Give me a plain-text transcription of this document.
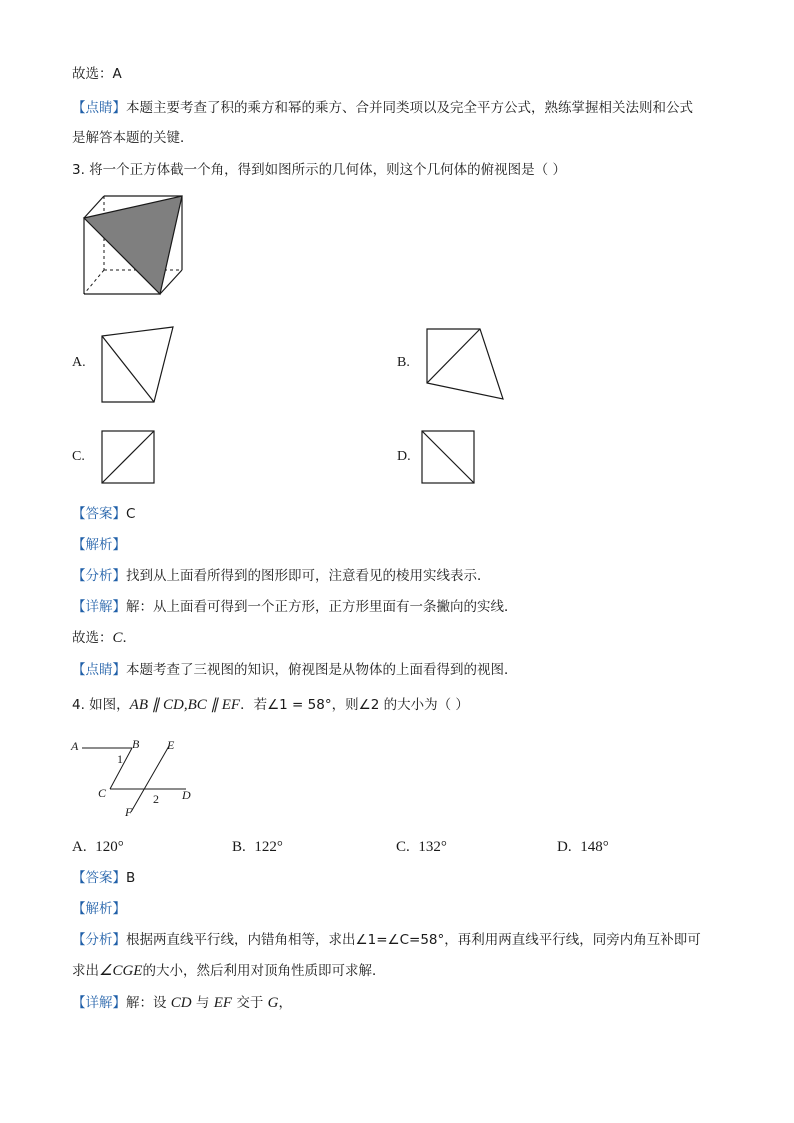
故选：A
【点睛】本题主要考查了积的乘方和幂的乘方、合并同类项以及完全平方公式，熟练掌握相关法则和公式
是解答本题的关键．
3. 将一个正方体截一个角，得到如图所示的几何体，则这个几何体的俯视图是（ ）
A.	B.
C.	D.
【答案】C
【解析】
【分析】找到从上面看所得到的图形即可，注意看见的棱用实线表示．
【详解】解：从上面看可得到一个正方形，正方形里面有一条撇向的实线．
故选：C．
【点睛】本题考查了三视图的知识，俯视图是从物体的上面看得到的视图．
4. 如图，AB ∥ CD,BC ∥ EF．若∠1 = 58°，则∠2 的大小为（ ）
A	B
C	D
E
F
1
2
A. 120°	B. 122°	C. 132°	D. 148°
【答案】B
【解析】
【分析】根据两直线平行线，内错角相等，求出∠1=∠C=58°，再利用两直线平行线，同旁内角互补即可
求出∠CGE的大小，然后利用对顶角性质即可求解．
【详解】解：设 CD 与 EF 交于 G，
